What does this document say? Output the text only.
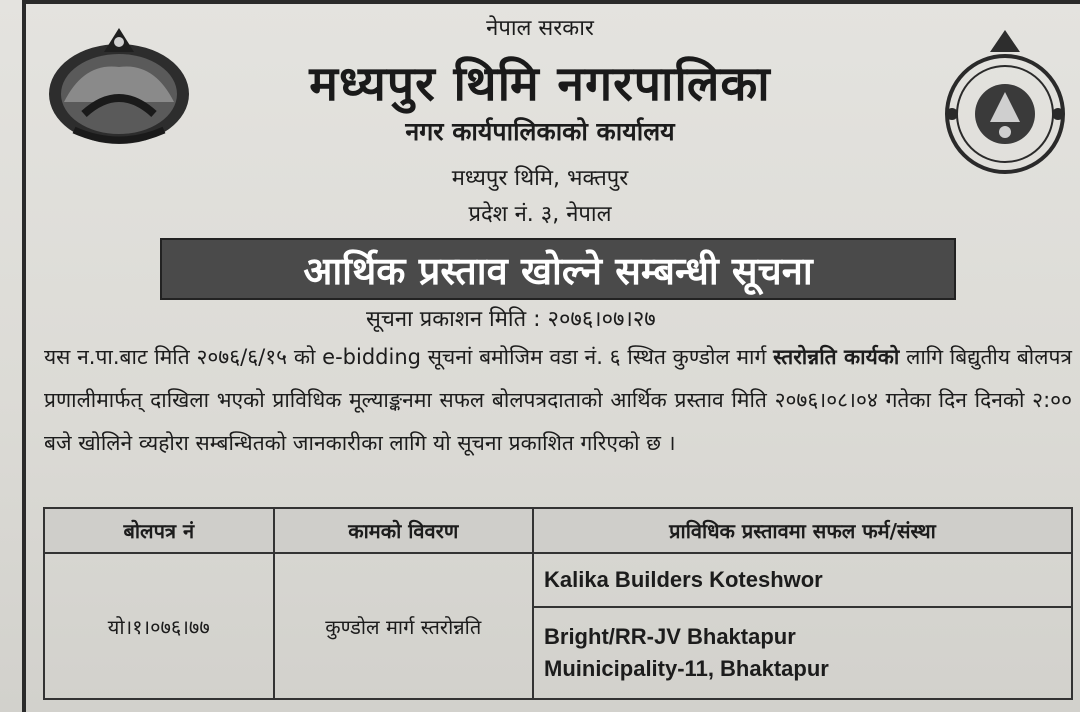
नेपाल सरकार
मध्यपुर थिमि नगरपालिका
नगर कार्यपालिकाको कार्यालय
मध्यपुर थिमि, भक्तपुर
प्रदेश नं. ३, नेपाल
आर्थिक प्रस्ताव खोल्ने सम्बन्धी सूचना
सूचना प्रकाशन मिति : २०७६।०७।२७
यस न.पा.बाट मिति २०७६/६/१५ को e-bidding सूचनां बमोजिम वडा नं. ६ स्थित कुण्डोल मार्ग स्तरोन्नति कार्यको लागि बिद्युतीय बोलपत्र प्रणालीमार्फत् दाखिला भएको प्राविधिक मूल्याङ्कनमा सफल बोलपत्रदाताको आर्थिक प्रस्ताव मिति २०७६।०८।०४ गतेका दिन दिनको २:०० बजे खोलिने व्यहोरा सम्बन्धितको जानकारीका लागि यो सूचना प्रकाशित गरिएको छ ।
बोलपत्र नं	कामको विवरण	प्राविधिक प्रस्तावमा सफल फर्म/संस्था
यो।१।०७६।७७	कुण्डोल मार्ग स्तरोन्नति	Kalika Builders Koteshwor

		Bright/RR-JV Bhaktapur
Muinicipality-11, Bhaktapur
